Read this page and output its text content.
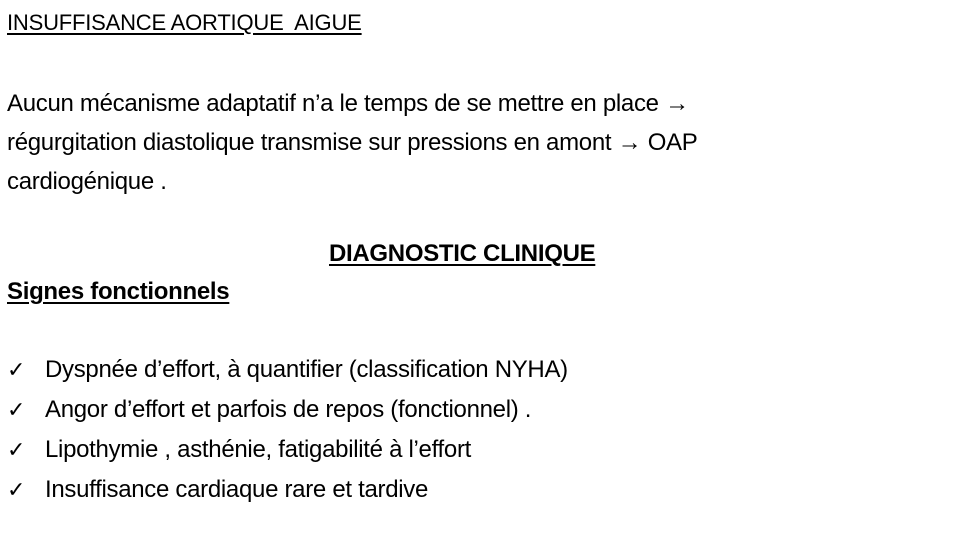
INSUFFISANCE AORTIQUE  AIGUE
Aucun mécanisme adaptatif n’a le temps de se mettre en place →
régurgitation diastolique transmise sur pressions en amont → OAP
cardiogénique .
DIAGNOSTIC CLINIQUE
Signes fonctionnels
✓ Dyspnée d’effort, à quantifier (classification NYHA)
✓ Angor d’effort et parfois de repos (fonctionnel) .
✓ Lipothymie , asthénie, fatigabilité à l’effort
✓ Insuffisance cardiaque rare et tardive
